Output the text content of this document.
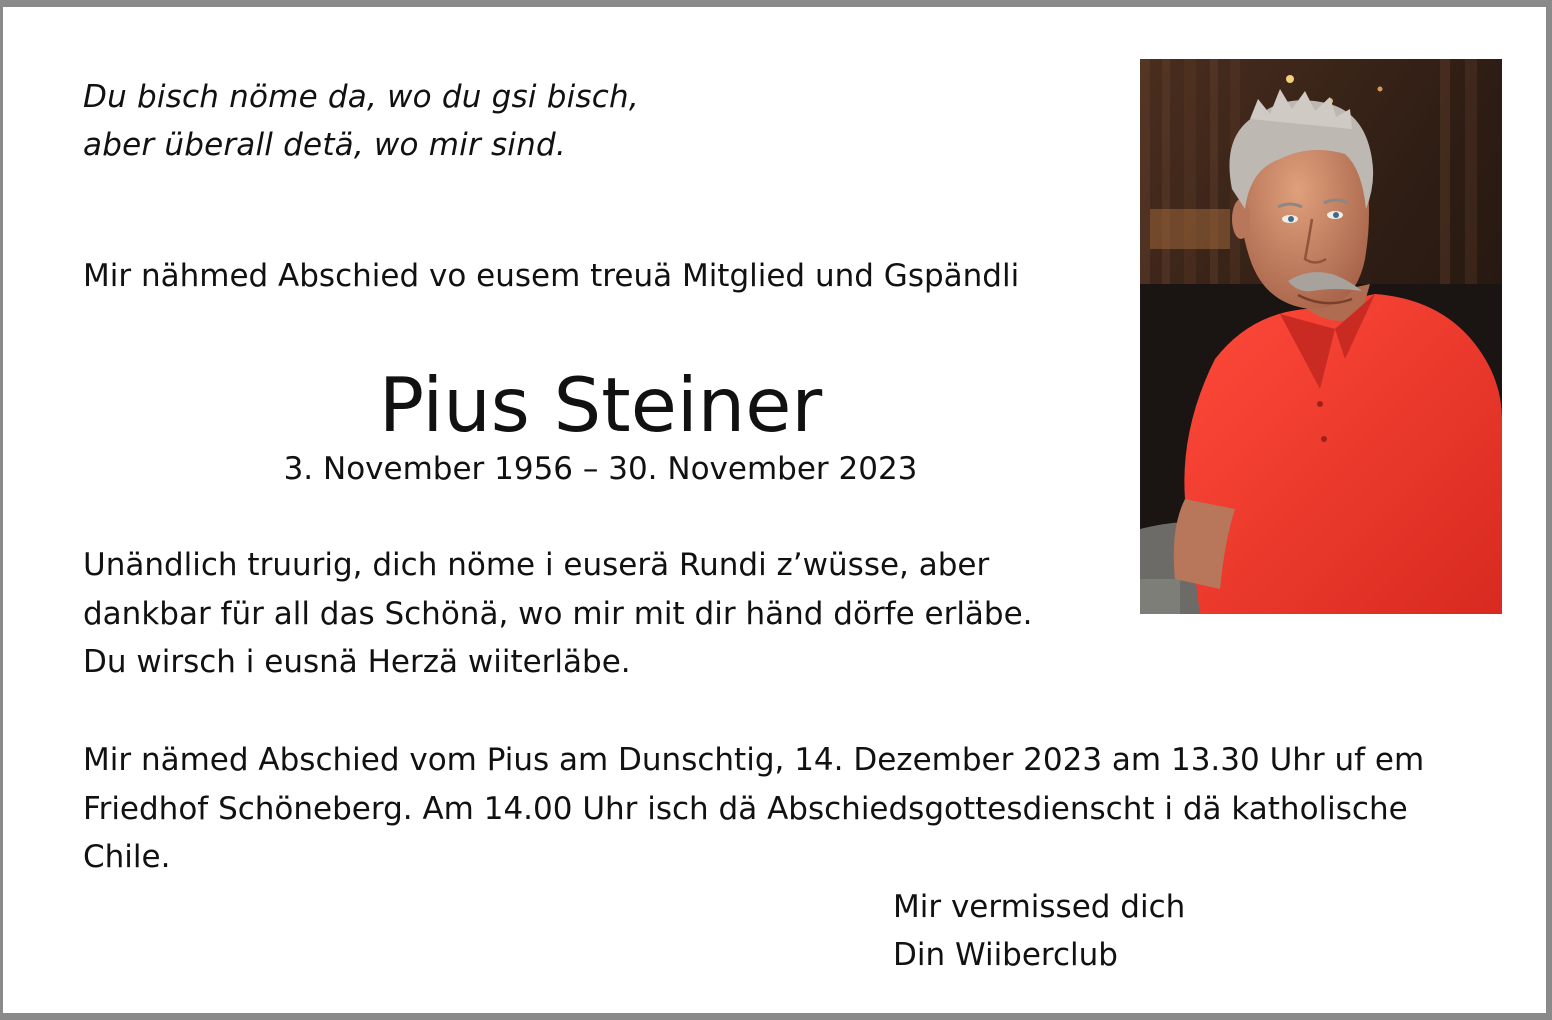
Du bisch nöme da, wo du gsi bisch,
aber überall detä, wo mir sind.
Mir nähmed Abschied vo eusem treuä Mitglied und Gspändli
Pius Steiner
3. November 1956 – 30. November 2023
Unändlich truurig, dich nöme i euserä Rundi z’wüsse, aber
dankbar für all das Schönä, wo mir mit dir händ dörfe erläbe.
Du wirsch i eusnä Herzä wiiterläbe.
Mir nämed Abschied vom Pius am Dunschtig, 14. Dezember 2023 am 13.30 Uhr uf em
Friedhof Schöneberg. Am 14.00 Uhr isch dä Abschiedsgottesdienscht i dä katholische
Chile.
Mir vermissed dich
Din Wiiberclub
